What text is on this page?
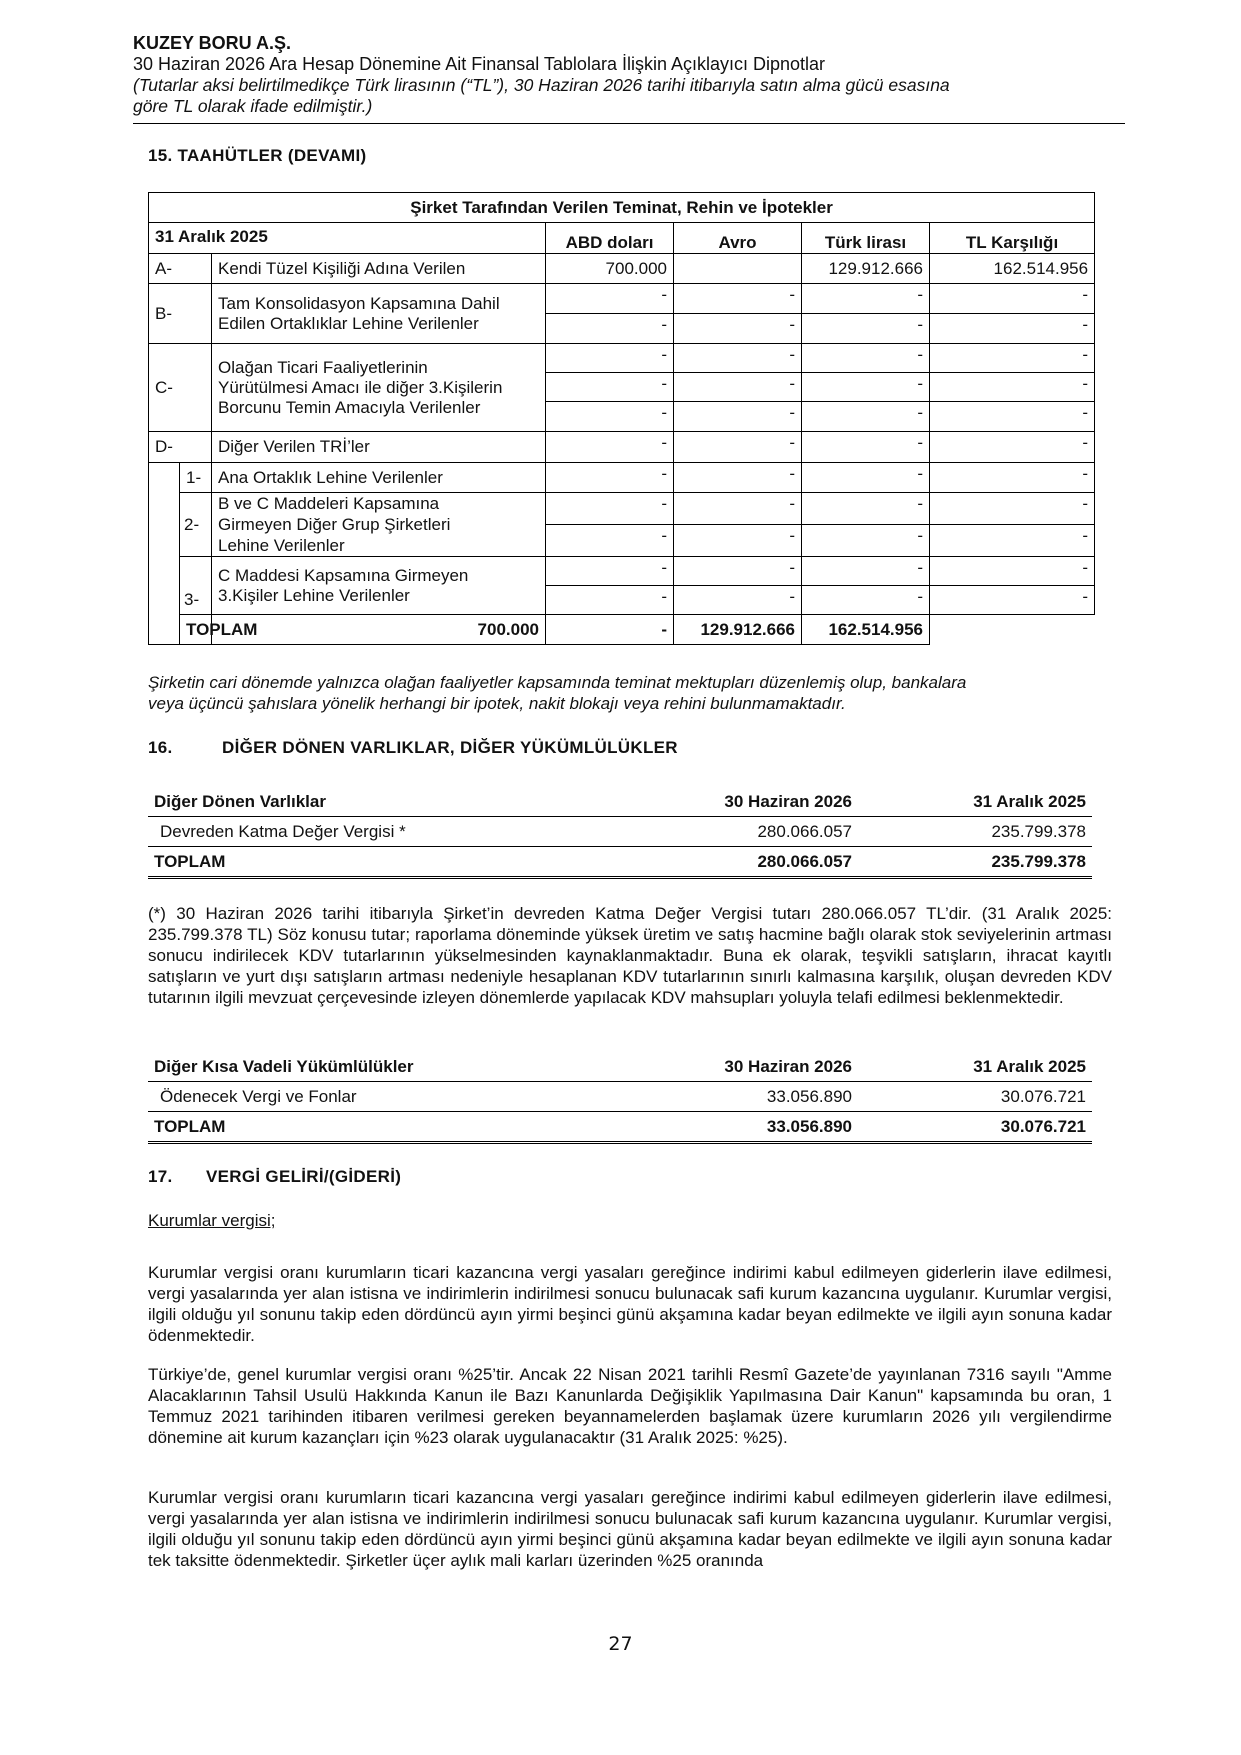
KUZEY BORU A.Ş.
30 Haziran 2026 Ara Hesap Dönemine Ait Finansal Tablolara İlişkin Açıklayıcı Dipnotlar
(Tutarlar aksi belirtilmedikçe Türk lirasının (“TL”), 30 Haziran 2026 tarihi itibarıyla satın alma gücü esasına
göre TL olarak ifade edilmiştir.)
15. TAAHÜTLER (DEVAMI)
Şirket Tarafından Verilen Teminat, Rehin ve İpotekler						
31 Aralık 2025			ABD doları	Avro	Türk lirası	TL Karşılığı
A-		Kendi Tüzel Kişiliği Adına Verilen	700.000		129.912.666	162.514.956
B-		Tam Konsolidasyon Kapsamına Dahil
Edilen Ortaklıklar Lehine Verilenler	-	-	-	-
			-	-	-	-
C-		Olağan Ticari Faaliyetlerinin
Yürütülmesi Amacı ile diğer 3.Kişilerin
Borcunu Temin Amacıyla Verilenler	-	-	-	-
			-	-	-	-
			-	-	-	-
D-		Diğer Verilen TRİ’ler	-	-	-	-
	1-	Ana Ortaklık Lehine Verilenler	-	-	-	-
	2-	B ve C Maddeleri Kapsamına
Girmeyen Diğer Grup Şirketleri
Lehine Verilenler	-	-	-	-
			-	-	-	-
	3-	C Maddesi Kapsamına Girmeyen
3.Kişiler Lehine Verilenler	-	-	-	-
			-	-	-	-
	TOPLAM	700.000	-	129.912.666	162.514.956	
Şirketin cari dönemde yalnızca olağan faaliyetler kapsamında teminat mektupları düzenlemiş olup, bankalara
veya üçüncü şahıslara yönelik herhangi bir ipotek, nakit blokajı veya rehini bulunmamaktadır.
16.	DİĞER DÖNEN VARLIKLAR, DİĞER YÜKÜMLÜLÜKLER
Diğer Dönen Varlıklar	30 Haziran 2026	31 Aralık 2025
Devreden Katma Değer Vergisi *	280.066.057	235.799.378
TOPLAM	280.066.057	235.799.378
(*) 30 Haziran 2026 tarihi itibarıyla Şirket’in devreden Katma Değer Vergisi tutarı 280.066.057 TL’dir. (31 Aralık 2025: 235.799.378 TL) Söz konusu tutar; raporlama döneminde yüksek üretim ve satış hacmine bağlı olarak stok seviyelerinin artması sonucu indirilecek KDV tutarlarının yükselmesinden kaynaklanmaktadır. Buna ek olarak, teşvikli satışların, ihracat kayıtlı satışların ve yurt dışı satışların artması nedeniyle hesaplanan KDV tutarlarının sınırlı kalmasına karşılık, oluşan devreden KDV tutarının ilgili mevzuat çerçevesinde izleyen dönemlerde yapılacak KDV mahsupları yoluyla telafi edilmesi beklenmektedir.
Diğer Kısa Vadeli Yükümlülükler	30 Haziran 2026	31 Aralık 2025
Ödenecek Vergi ve Fonlar	33.056.890	30.076.721
TOPLAM	33.056.890	30.076.721
17. VERGİ GELİRİ/(GİDERİ)
Kurumlar vergisi;
Kurumlar vergisi oranı kurumların ticari kazancına vergi yasaları gereğince indirimi kabul edilmeyen giderlerin ilave edilmesi, vergi yasalarında yer alan istisna ve indirimlerin indirilmesi sonucu bulunacak safi kurum kazancına uygulanır. Kurumlar vergisi, ilgili olduğu yıl sonunu takip eden dördüncü ayın yirmi beşinci günü akşamına kadar beyan edilmekte ve ilgili ayın sonuna kadar ödenmektedir.
Türkiye’de, genel kurumlar vergisi oranı %25’tir. Ancak 22 Nisan 2021 tarihli Resmî Gazete’de yayınlanan 7316 sayılı "Amme Alacaklarının Tahsil Usulü Hakkında Kanun ile Bazı Kanunlarda Değişiklik Yapılmasına Dair Kanun" kapsamında bu oran, 1 Temmuz 2021 tarihinden itibaren verilmesi gereken beyannamelerden başlamak üzere kurumların 2026 yılı vergilendirme dönemine ait kurum kazançları için %23 olarak uygulanacaktır (31 Aralık 2025: %25).
Kurumlar vergisi oranı kurumların ticari kazancına vergi yasaları gereğince indirimi kabul edilmeyen giderlerin ilave edilmesi, vergi yasalarında yer alan istisna ve indirimlerin indirilmesi sonucu bulunacak safi kurum kazancına uygulanır. Kurumlar vergisi, ilgili olduğu yıl sonunu takip eden dördüncü ayın yirmi beşinci günü akşamına kadar beyan edilmekte ve ilgili ayın sonuna kadar tek taksitte ödenmektedir. Şirketler üçer aylık mali karları üzerinden %25 oranında
27
